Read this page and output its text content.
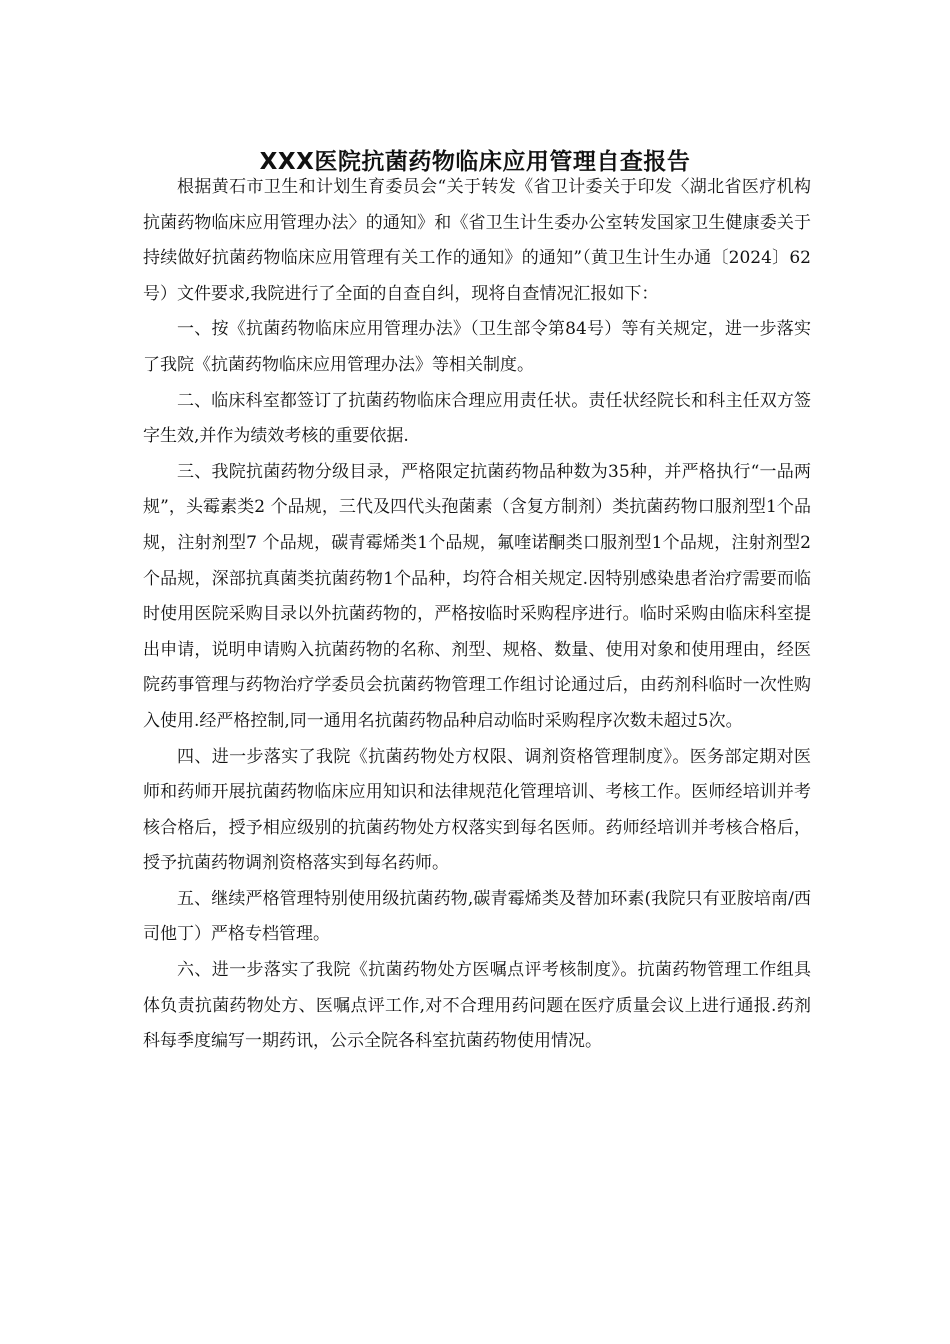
XXX医院抗菌药物临床应用管理自查报告

根据黄石市卫生和计划生育委员会“关于转发《省卫计委关于印发〈湖北省医疗机构抗菌药物临床应用管理办法〉的通知》和《省卫生计生委办公室转发国家卫生健康委关于持续做好抗菌药物临床应用管理有关工作的通知》的通知”（黄卫生计生办通〔2024〕62 号）文件要求,我院进行了全面的自查自纠，现将自查情况汇报如下：

一、按《抗菌药物临床应用管理办法》（卫生部令第84号）等有关规定，进一步落实了我院《抗菌药物临床应用管理办法》等相关制度。

二、临床科室都签订了抗菌药物临床合理应用责任状。责任状经院长和科主任双方签字生效,并作为绩效考核的重要依据.

三、我院抗菌药物分级目录，严格限定抗菌药物品种数为35种，并严格执行“一品两规”，头霉素类2 个品规，三代及四代头孢菌素（含复方制剂）类抗菌药物口服剂型1个品规，注射剂型7 个品规，碳青霉烯类1个品规，氟喹诺酮类口服剂型1个品规，注射剂型2 个品规，深部抗真菌类抗菌药物1个品种，均符合相关规定.因特别感染患者治疗需要而临时使用医院采购目录以外抗菌药物的，严格按临时采购程序进行。临时采购由临床科室提出申请，说明申请购入抗菌药物的名称、剂型、规格、数量、使用对象和使用理由，经医院药事管理与药物治疗学委员会抗菌药物管理工作组讨论通过后，由药剂科临时一次性购入使用.经严格控制,同一通用名抗菌药物品种启动临时采购程序次数未超过5次。

四、进一步落实了我院《抗菌药物处方权限、调剂资格管理制度》。医务部定期对医师和药师开展抗菌药物临床应用知识和法律规范化管理培训、考核工作。医师经培训并考核合格后，授予相应级别的抗菌药物处方权落实到每名医师。药师经培训并考核合格后，授予抗菌药物调剂资格落实到每名药师。

五、继续严格管理特别使用级抗菌药物,碳青霉烯类及替加环素(我院只有亚胺培南/西司他丁）严格专档管理。

六、进一步落实了我院《抗菌药物处方医嘱点评考核制度》。抗菌药物管理工作组具体负责抗菌药物处方、医嘱点评工作,对不合理用药问题在医疗质量会议上进行通报.药剂科每季度编写一期药讯，公示全院各科室抗菌药物使用情况。
